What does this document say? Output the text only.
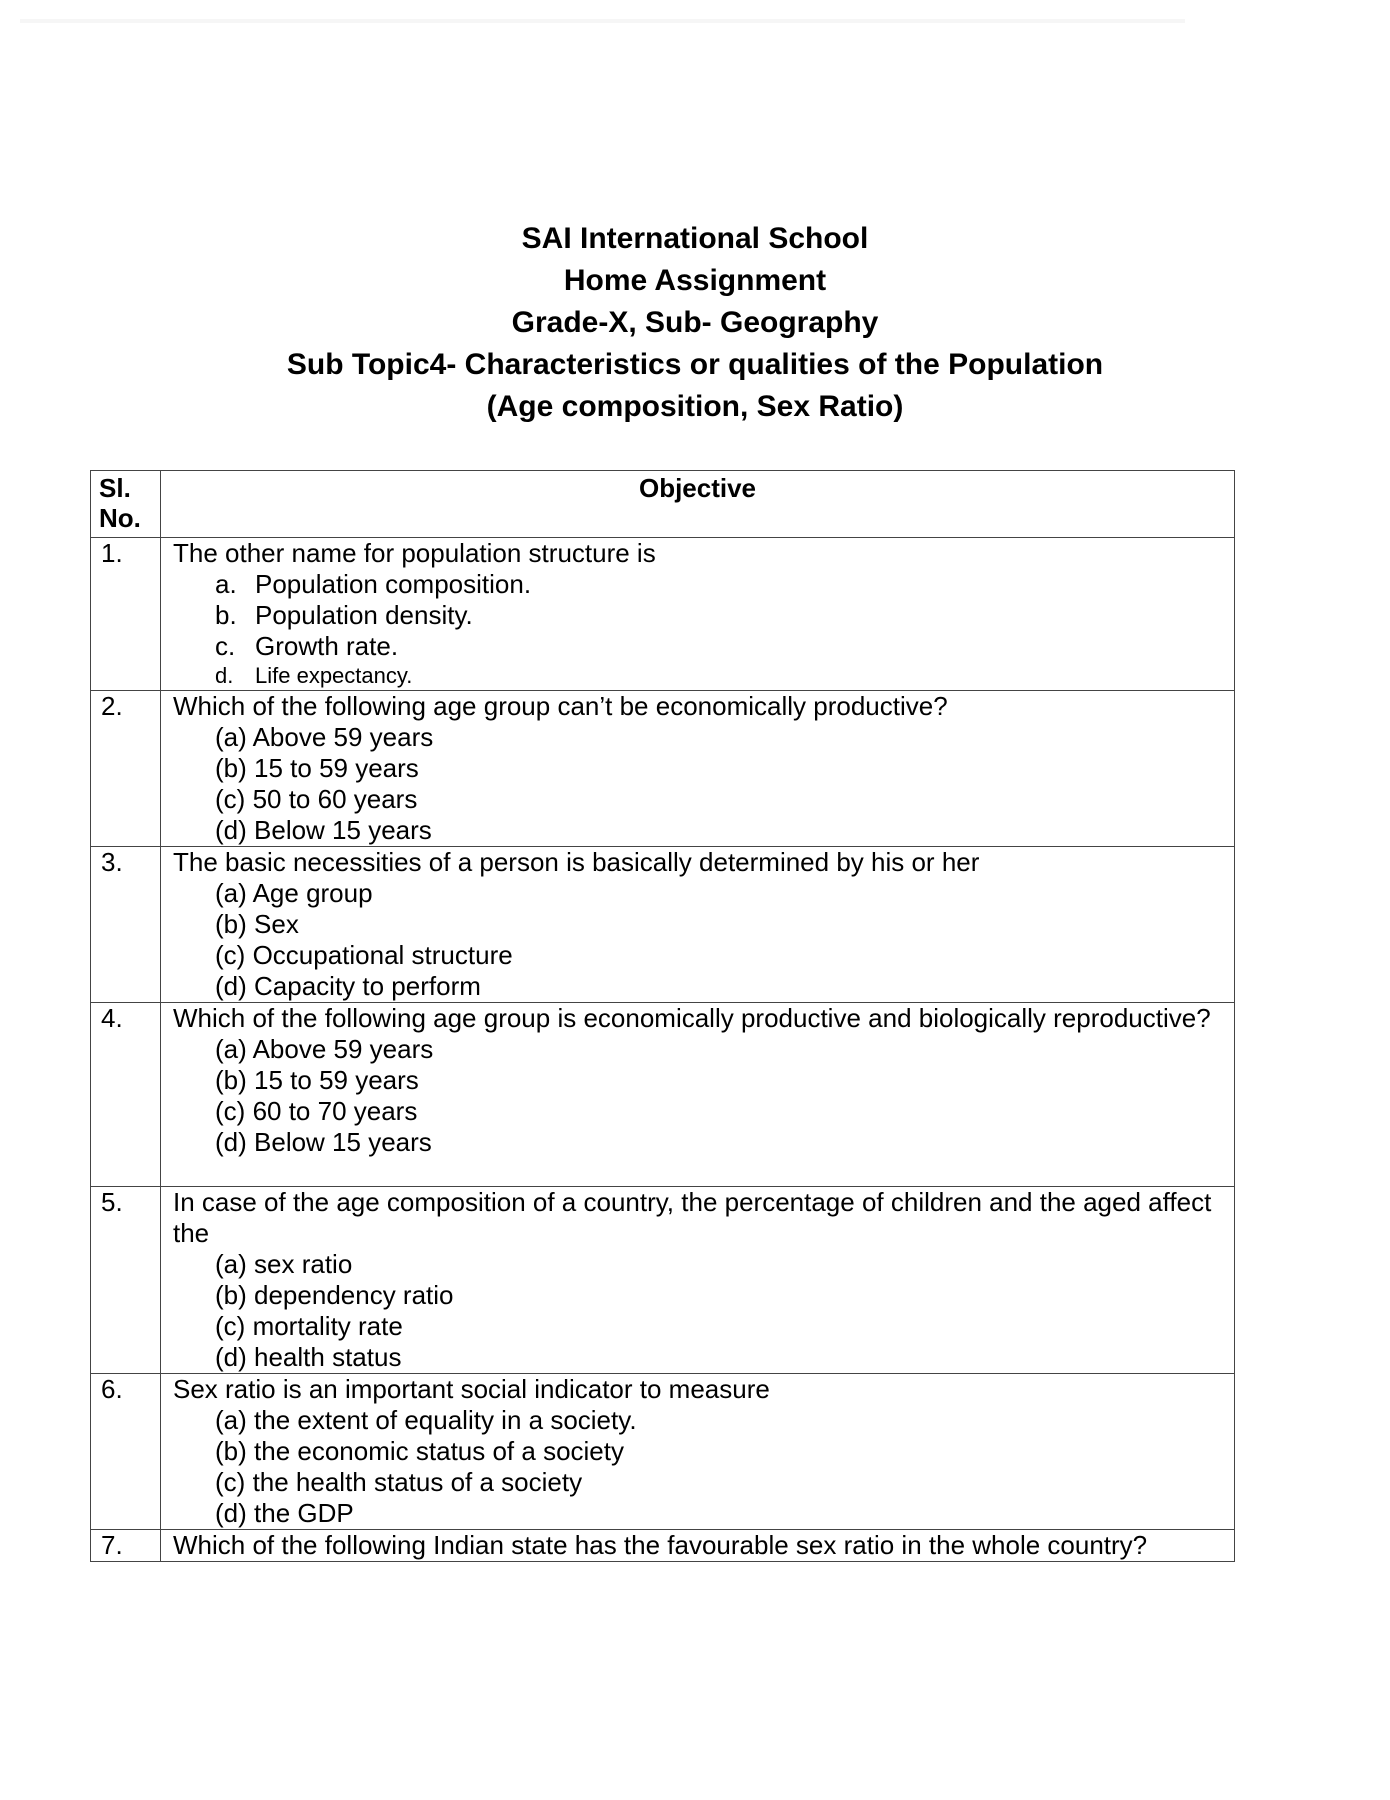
SAI International School
Home Assignment
Grade-X, Sub- Geography
Sub Topic4- Characteristics or qualities of the Population
(Age composition, Sex Ratio)
Sl.
No.	Objective
1.	The other name for population structure is
a. Population composition.
b. Population density.
c. Growth rate.
d. Life expectancy.

2.	Which of the following age group can’t be economically productive?
(a) Above 59 years
(b) 15 to 59 years
(c) 50 to 60 years
(d) Below 15 years

3.	The basic necessities of a person is basically determined by his or her
(a) Age group
(b) Sex
(c) Occupational structure
(d) Capacity to perform

4.	Which of the following age group is economically productive and biologically reproductive?
(a) Above 59 years
(b) 15 to 59 years
(c) 60 to 70 years
(d) Below 15 years

5.	In case of the age composition of a country, the percentage of children and the aged affect the
(a) sex ratio
(b) dependency ratio
(c) mortality rate
(d) health status

6.	Sex ratio is an important social indicator to measure
(a) the extent of equality in a society.
(b) the economic status of a society
(c) the health status of a society
(d) the GDP

7.	Which of the following Indian state has the favourable sex ratio in the whole country?
